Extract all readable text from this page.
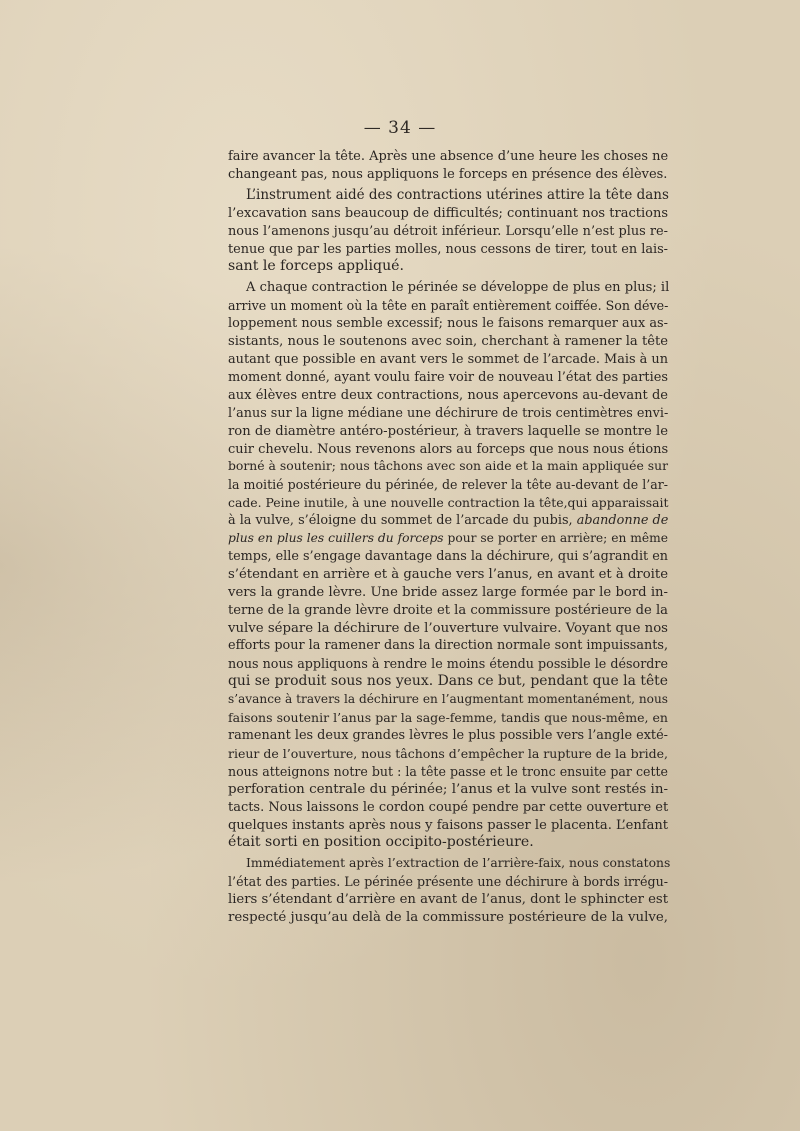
— 34 —
faire avancer la tête. Après une absence d’une heure les choses ne
changeant pas, nous appliquons le forceps en présence des élèves.
L’instrument aidé des contractions utérines attire la tête dans
l’excavation sans beaucoup de difficultés; continuant nos tractions
nous l’amenons jusqu’au détroit inférieur. Lorsqu’elle n’est plus re-
tenue que par les parties molles, nous cessons de tirer, tout en lais-
sant le forceps appliqué.
A chaque contraction le périnée se développe de plus en plus; il
arrive un moment où la tête en paraît entièrement coiffée. Son déve-
loppement nous semble excessif; nous le faisons remarquer aux as-
sistants, nous le soutenons avec soin, cherchant à ramener la tête
autant que possible en avant vers le sommet de l’arcade. Mais à un
moment donné, ayant voulu faire voir de nouveau l’état des parties
aux élèves entre deux contractions, nous apercevons au-devant de
l’anus sur la ligne médiane une déchirure de trois centimètres envi-
ron de diamètre antéro-postérieur, à travers laquelle se montre le
cuir chevelu. Nous revenons alors au forceps que nous nous étions
borné à soutenir; nous tâchons avec son aide et la main appliquée sur
la moitié postérieure du périnée, de relever la tête au-devant de l’ar-
cade. Peine inutile, à une nouvelle contraction la tête,qui apparaissait
à la vulve, s’éloigne du sommet de l’arcade du pubis, abandonne de
plus en plus les cuillers du forceps pour se porter en arrière; en même
temps, elle s’engage davantage dans la déchirure, qui s’agrandit en
s’étendant en arrière et à gauche vers l’anus, en avant et à droite
vers la grande lèvre. Une bride assez large formée par le bord in-
terne de la grande lèvre droite et la commissure postérieure de la
vulve sépare la déchirure de l’ouverture vulvaire. Voyant que nos
efforts pour la ramener dans la direction normale sont impuissants,
nous nous appliquons à rendre le moins étendu possible le désordre
qui se produit sous nos yeux. Dans ce but, pendant que la tête
s’avance à travers la déchirure en l’augmentant momentanément, nous
faisons soutenir l’anus par la sage-femme, tandis que nous-même, en
ramenant les deux grandes lèvres le plus possible vers l’angle exté-
rieur de l’ouverture, nous tâchons d’empêcher la rupture de la bride,
nous atteignons notre but : la tête passe et le tronc ensuite par cette
perforation centrale du périnée; l’anus et la vulve sont restés in-
tacts. Nous laissons le cordon coupé pendre par cette ouverture et
quelques instants après nous y faisons passer le placenta. L’enfant
était sorti en position occipito-postérieure.
Immédiatement après l’extraction de l’arrière-faix, nous constatons
l’état des parties. Le périnée présente une déchirure à bords irrégu-
liers s’étendant d’arrière en avant de l’anus, dont le sphincter est
respecté jusqu’au delà de la commissure postérieure de la vulve,
